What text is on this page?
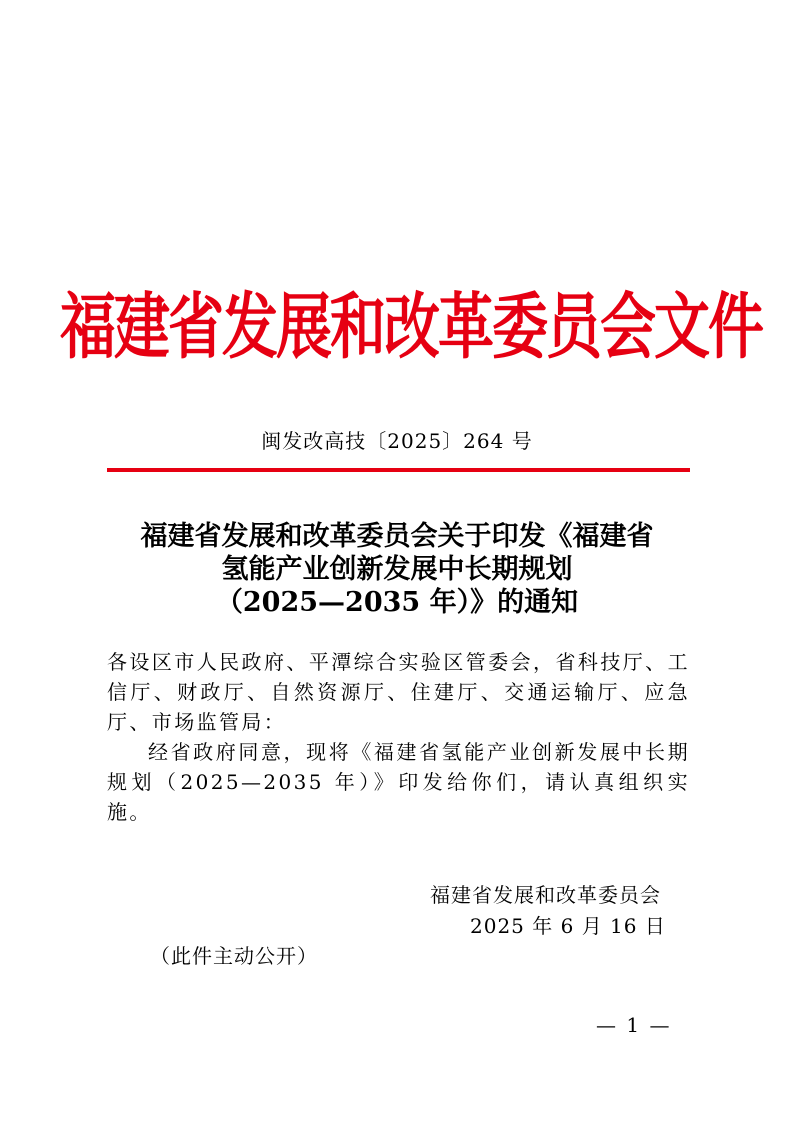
福建省发展和改革委员会文件
闽发改高技〔2025〕264 号
福建省发展和改革委员会关于印发《福建省
氢能产业创新发展中长期规划
（2025—2035 年）》的通知

各设区市人民政府、平潭综合实验区管委会，省科技厅、工信厅、财政厅、自然资源厅、住建厅、交通运输厅、应急厅、市场监管局：

经省政府同意，现将《福建省氢能产业创新发展中长期规划（2025—2035 年）》印发给你们，请认真组织实施。

福建省发展和改革委员会
2025 年 6 月 16 日
（此件主动公开）
— 1 —
